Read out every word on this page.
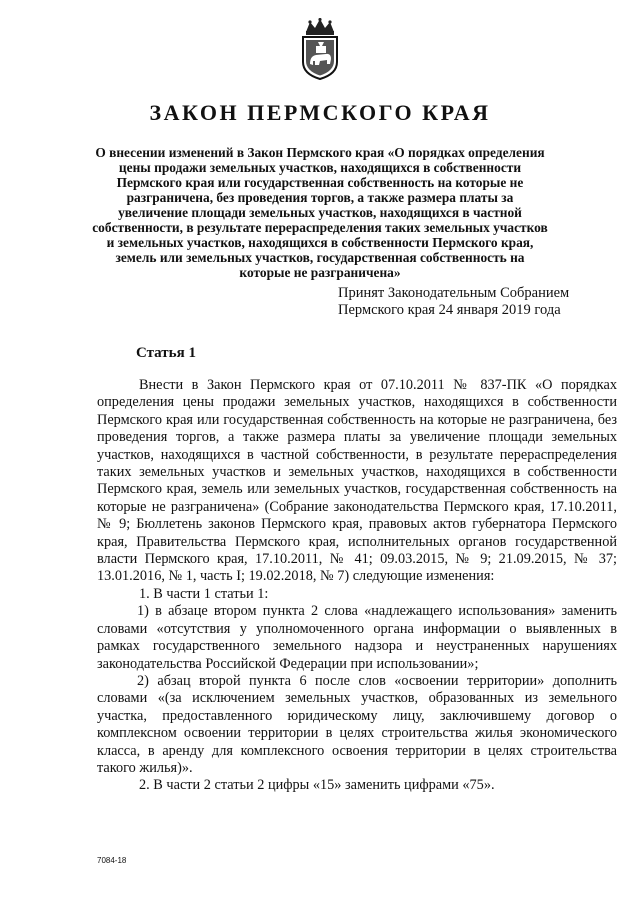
ЗАКОН ПЕРМСКОГО КРАЯ
О внесении изменений в Закон Пермского края «О порядках определения цены продажи земельных участков, находящихся в собственности Пермского края или государственная собственность на которые не разграничена, без проведения торгов, а также размера платы за увеличение площади земельных участков, находящихся в частной собственности, в результате перераспределения таких земельных участков и земельных участков, находящихся в собственности Пермского края, земель или земельных участков, государственная собственность на которые не разграничена»
Принят Законодательным Собранием
Пермского края 24 января 2019 года
Статья 1

Внести в Закон Пермского края от 07.10.2011 № 837-ПК «О порядках определения цены продажи земельных участков, находящихся в собственности Пермского края или государственная собственность на которые не разграничена, без проведения торгов, а также размера платы за увеличение площади земельных участков, находящихся в частной собственности, в результате перераспределения таких земельных участков и земельных участков, находящихся в собственности Пермского края, земель или земельных участков, государственная собственность на которые не разграничена» (Собрание законодательства Пермского края, 17.10.2011, № 9; Бюллетень законов Пермского края, правовых актов губернатора Пермского края, Правительства Пермского края, исполнительных органов государственной власти Пермского края, 17.10.2011, № 41; 09.03.2015, № 9; 21.09.2015, № 37; 13.01.2016, № 1, часть I; 19.02.2018, № 7) следующие изменения:

1. В части 1 статьи 1:

1) в абзаце втором пункта 2 слова «надлежащего использования» заменить словами «отсутствия у уполномоченного органа информации о выявленных в рамках государственного земельного надзора и неустраненных нарушениях законодательства Российской Федерации при использовании»;

2) абзац второй пункта 6 после слов «освоении территории» дополнить словами «(за исключением земельных участков, образованных из земельного участка, предоставленного юридическому лицу, заключившему договор о комплексном освоении территории в целях строительства жилья экономического класса, в аренду для комплексного освоения территории в целях строительства такого жилья)».

2. В части 2 статьи 2 цифры «15» заменить цифрами «75».

7084-18
